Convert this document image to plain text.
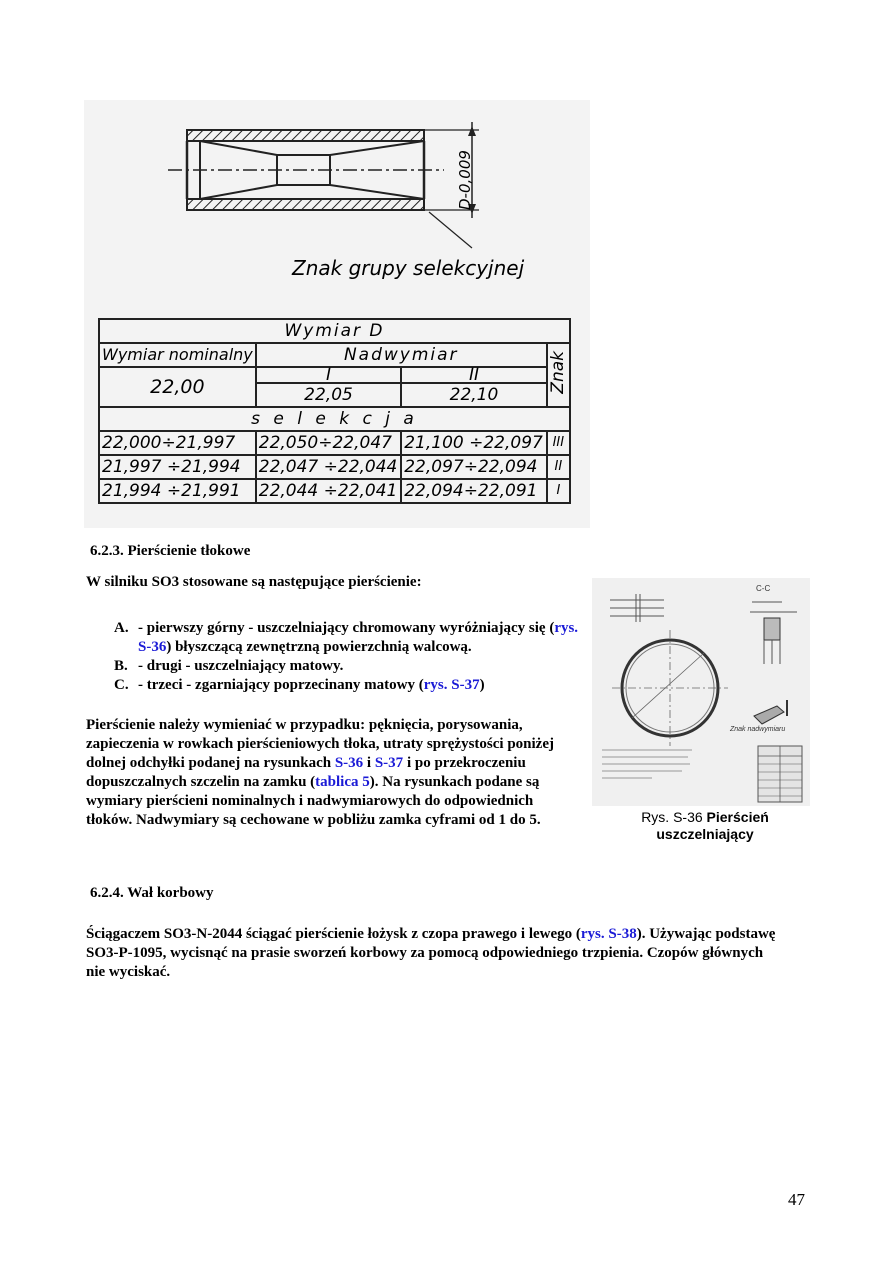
D-0,009
Znak grupy selekcyjnej
Wymiar D			
Wymiar nominalny	Nadwymiar		Znak
22,00	I	II	
	22,05	22,10	
s e l e k c j a			
22,000÷21,997	22,050÷22,047	21,100 ÷22,097	III
21,997 ÷21,994	22,047 ÷22,044	22,097÷22,094	II
21,994 ÷21,991	22,044 ÷22,041	22,094÷22,091	I
6.2.3. Pierścienie tłokowe
W silniku SO3 stosowane są następujące pierścienie:
A. - pierwszy górny - uszczelniający chromowany wyróżniający się (rys. S-36) błyszczącą zewnętrzną powierzchnią walcową.
B. - drugi - uszczelniający matowy.
C. - trzeci - zgarniający poprzecinany matowy (rys. S-37)
Pierścienie należy wymieniać w przypadku: pęknięcia, porysowania, zapieczenia w rowkach pierścieniowych tłoka, utraty sprężystości poniżej dolnej odchyłki podanej na rysunkach S-36 i S-37 i po przekroczeniu dopuszczalnych szczelin na zamku (tablica 5). Na rysunkach podane są wymiary pierścieni nominalnych i nadwymiarowych do odpowiednich tłoków. Nadwymiary są cechowane w pobliżu zamka cyframi od 1 do 5.
C-C
Znak nadwymiaru
Rys. S-36 Pierścień uszczelniający
6.2.4. Wał korbowy
Ściągaczem SO3-N-2044 ściągać pierścienie łożysk z czopa prawego i lewego (rys. S-38). Używając podstawę SO3-P-1095, wycisnąć na prasie sworzeń korbowy za pomocą odpowiedniego trzpienia. Czopów głównych nie wyciskać.
47
